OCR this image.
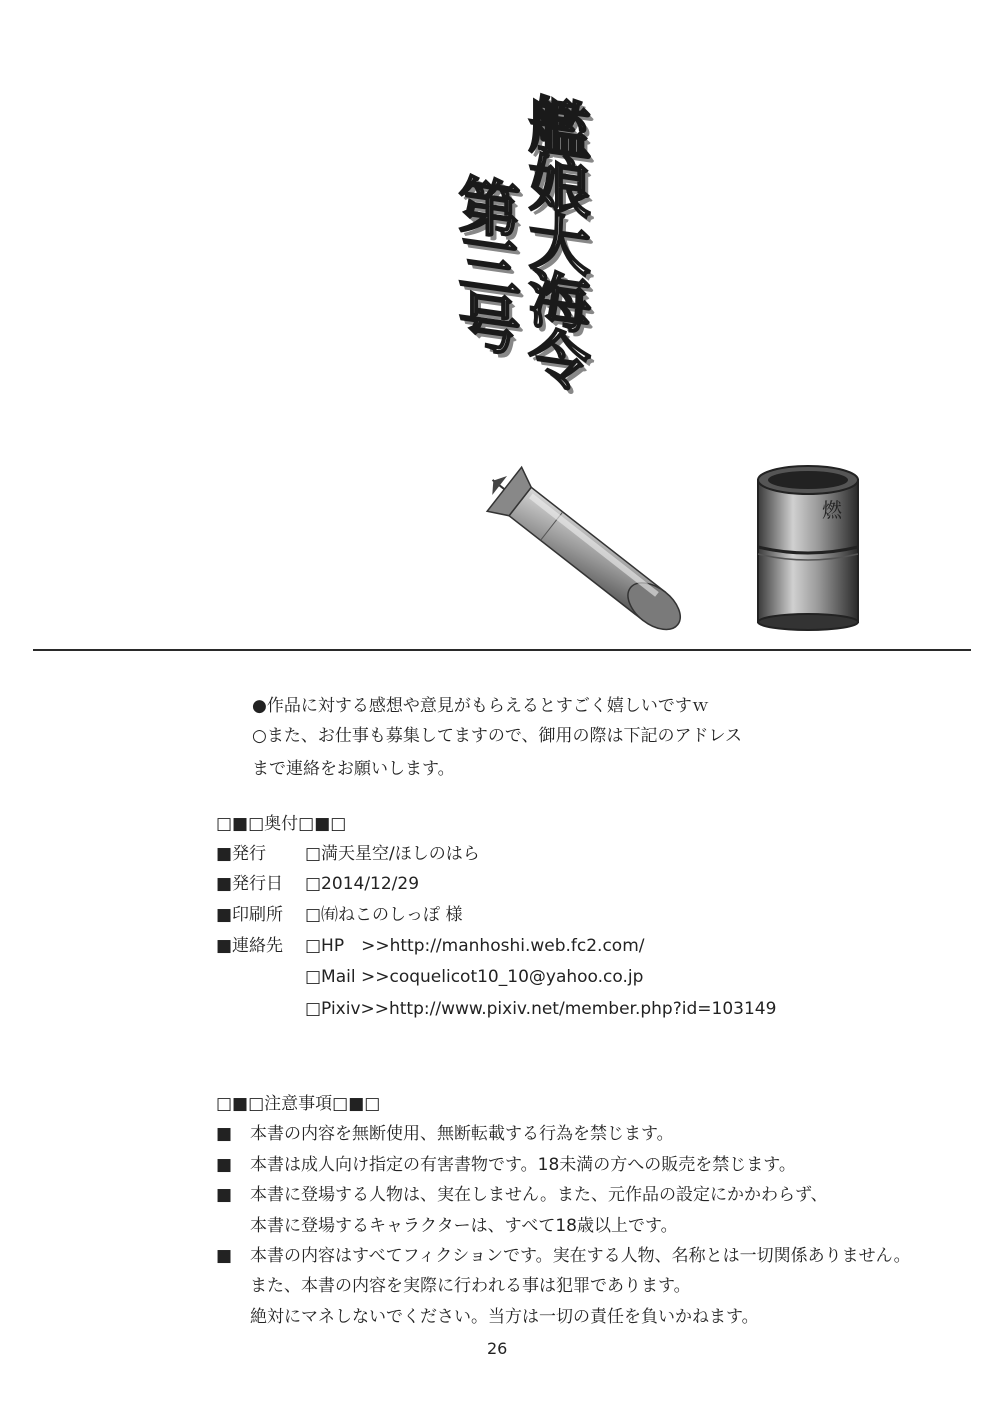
艦娘大海令
第三号
燃
●作品に対する感想や意見がもらえるとすごく嬉しいですｗ
○また、お仕事も募集してますので、御用の際は下記のアドレス
まで連絡をお願いします。
□■□奥付□■□
■発行 □満天星空/ほしのはら
■発行日 □2014/12/29
■印刷所 □㈲ねこのしっぽ 様
■連絡先 □HP　>>http://manhoshi.web.fc2.com/
□Mail >>coquelicot10_10@yahoo.co.jp
□Pixiv>>http://www.pixiv.net/member.php?id=103149
□■□注意事項□■□
■ 本書の内容を無断使用、無断転載する行為を禁じます。
■ 本書は成人向け指定の有害書物です。18未満の方への販売を禁じます。
■ 本書に登場する人物は、実在しません。また、元作品の設定にかかわらず、
本書に登場するキャラクターは、すべて18歳以上です。
■ 本書の内容はすべてフィクションです。実在する人物、名称とは一切関係ありません。
また、本書の内容を実際に行われる事は犯罪であります。
絶対にマネしないでください。当方は一切の責任を負いかねます。
26
